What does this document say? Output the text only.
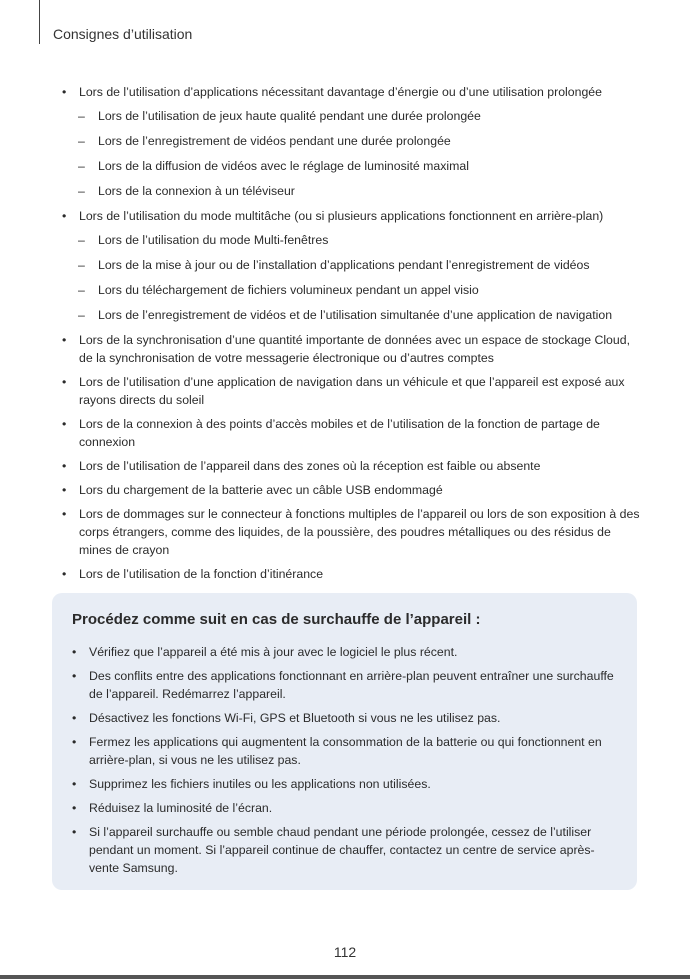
Consignes d’utilisation
• Lors de l’utilisation d’applications nécessitant davantage d’énergie ou d’une utilisation prolongée
– Lors de l’utilisation de jeux haute qualité pendant une durée prolongée
– Lors de l’enregistrement de vidéos pendant une durée prolongée
– Lors de la diffusion de vidéos avec le réglage de luminosité maximal
– Lors de la connexion à un téléviseur
• Lors de l’utilisation du mode multitâche (ou si plusieurs applications fonctionnent en arrière-plan)
– Lors de l’utilisation du mode Multi-fenêtres
– Lors de la mise à jour ou de l’installation d’applications pendant l’enregistrement de vidéos
– Lors du téléchargement de fichiers volumineux pendant un appel visio
– Lors de l’enregistrement de vidéos et de l’utilisation simultanée d’une application de navigation
• Lors de la synchronisation d’une quantité importante de données avec un espace de stockage Cloud, de la synchronisation de votre messagerie électronique ou d’autres comptes
• Lors de l’utilisation d’une application de navigation dans un véhicule et que l’appareil est exposé aux rayons directs du soleil
• Lors de la connexion à des points d’accès mobiles et de l’utilisation de la fonction de partage de connexion
• Lors de l’utilisation de l’appareil dans des zones où la réception est faible ou absente
• Lors du chargement de la batterie avec un câble USB endommagé
• Lors de dommages sur le connecteur à fonctions multiples de l’appareil ou lors de son exposition à des corps étrangers, comme des liquides, de la poussière, des poudres métalliques ou des résidus de mines de crayon
• Lors de l’utilisation de la fonction d’itinérance
Procédez comme suit en cas de surchauffe de l’appareil :
• Vérifiez que l’appareil a été mis à jour avec le logiciel le plus récent.
• Des conflits entre des applications fonctionnant en arrière-plan peuvent entraîner une surchauffe de l’appareil. Redémarrez l’appareil.
• Désactivez les fonctions Wi-Fi, GPS et Bluetooth si vous ne les utilisez pas.
• Fermez les applications qui augmentent la consommation de la batterie ou qui fonctionnent en arrière-plan, si vous ne les utilisez pas.
• Supprimez les fichiers inutiles ou les applications non utilisées.
• Réduisez la luminosité de l’écran.
• Si l’appareil surchauffe ou semble chaud pendant une période prolongée, cessez de l’utiliser pendant un moment. Si l’appareil continue de chauffer, contactez un centre de service après-vente Samsung.
112
